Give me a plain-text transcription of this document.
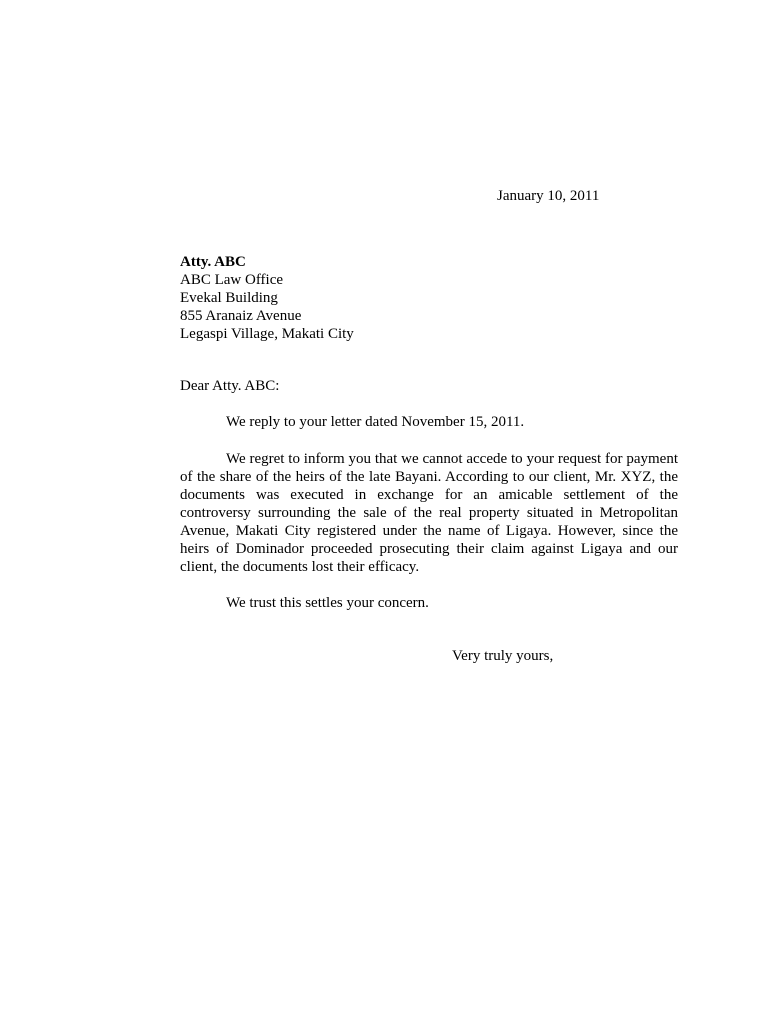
January 10, 2011
Atty. ABC
ABC Law Office
Evekal Building
855 Aranaiz Avenue
Legaspi Village, Makati City
Dear Atty. ABC:

We reply to your letter dated November 15, 2011.

We regret to inform you that we cannot accede to your request for payment of the share of the heirs of the late Bayani. According to our client, Mr. XYZ, the documents was executed in exchange for an amicable settlement of the controversy surrounding the sale of the real property situated in Metropolitan Avenue, Makati City registered under the name of Ligaya. However, since the heirs of Dominador proceeded prosecuting their claim against Ligaya and our client, the documents lost their efficacy.

We trust this settles your concern.

Very truly yours,
